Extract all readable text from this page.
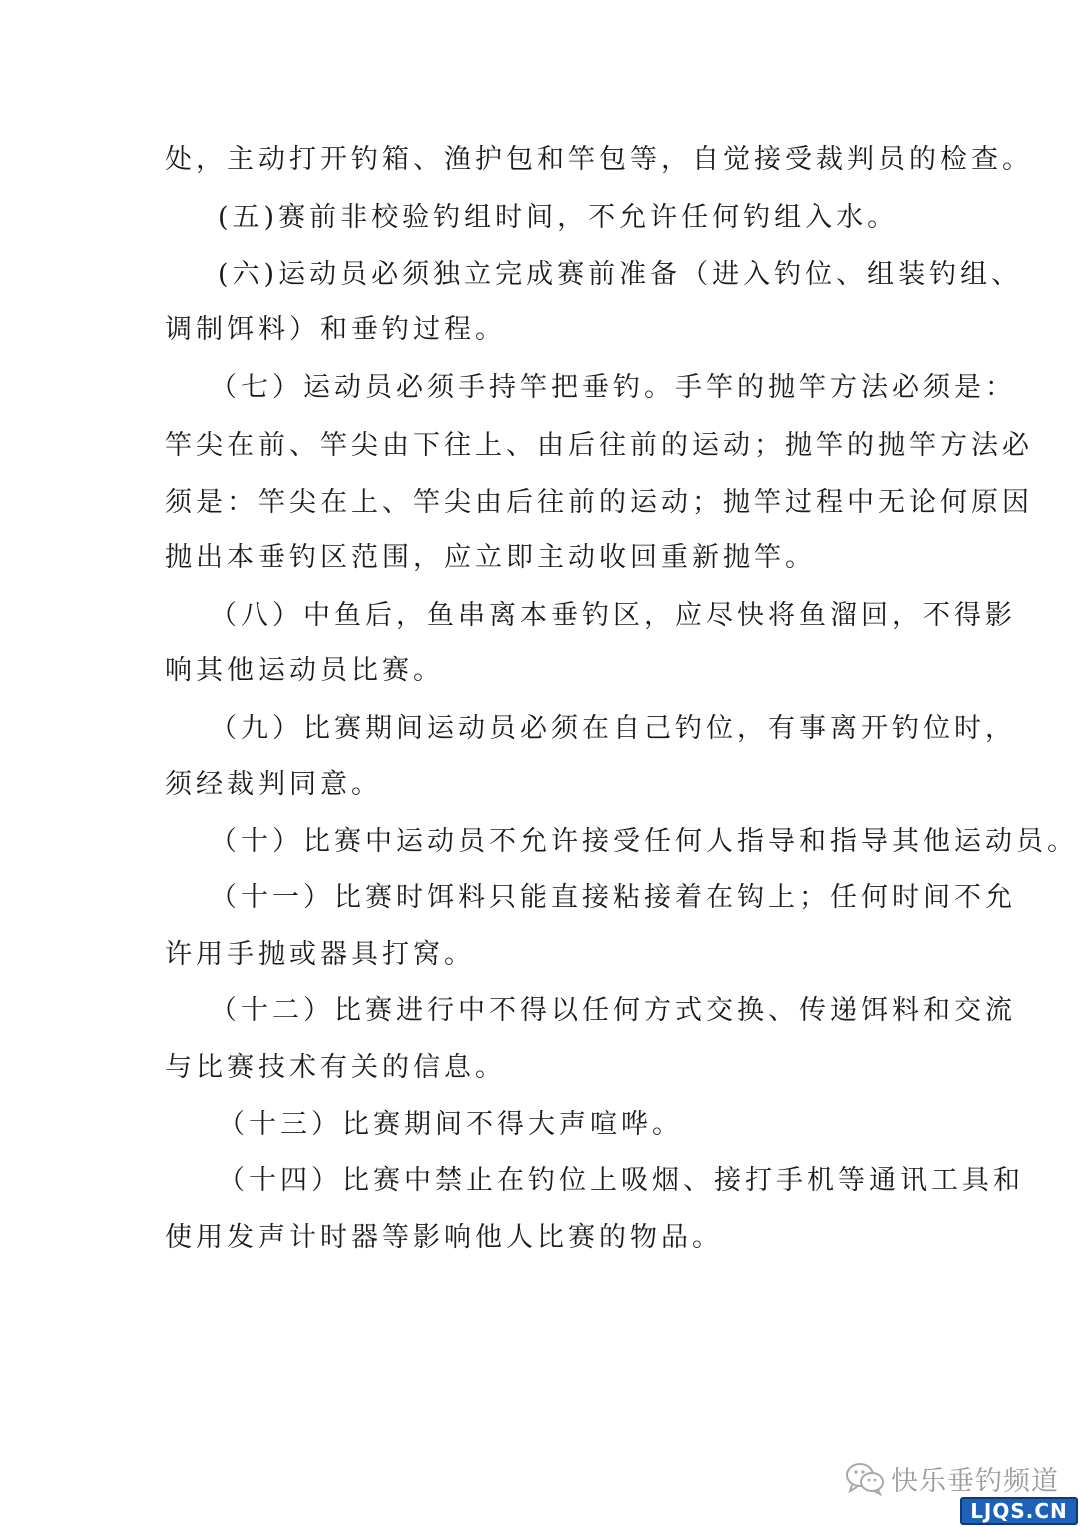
处，主动打开钓箱、渔护包和竿包等，自觉接受裁判员的检查。
(五)赛前非校验钓组时间，不允许任何钓组入水。
(六)运动员必须独立完成赛前准备（进入钓位、组装钓组、
调制饵料）和垂钓过程。
（七）运动员必须手持竿把垂钓。手竿的抛竿方法必须是：
竿尖在前、竿尖由下往上、由后往前的运动；抛竿的抛竿方法必
须是：竿尖在上、竿尖由后往前的运动；抛竿过程中无论何原因
抛出本垂钓区范围，应立即主动收回重新抛竿。
（八）中鱼后，鱼串离本垂钓区，应尽快将鱼溜回，不得影
响其他运动员比赛。
（九）比赛期间运动员必须在自己钓位，有事离开钓位时，
须经裁判同意。
（十）比赛中运动员不允许接受任何人指导和指导其他运动员。
（十一）比赛时饵料只能直接粘接着在钩上；任何时间不允
许用手抛或器具打窝。
（十二）比赛进行中不得以任何方式交换、传递饵料和交流
与比赛技术有关的信息。
（十三）比赛期间不得大声喧哗。
（十四）比赛中禁止在钓位上吸烟、接打手机等通讯工具和
使用发声计时器等影响他人比赛的物品。
快乐垂钓频道
LJQS.CN
